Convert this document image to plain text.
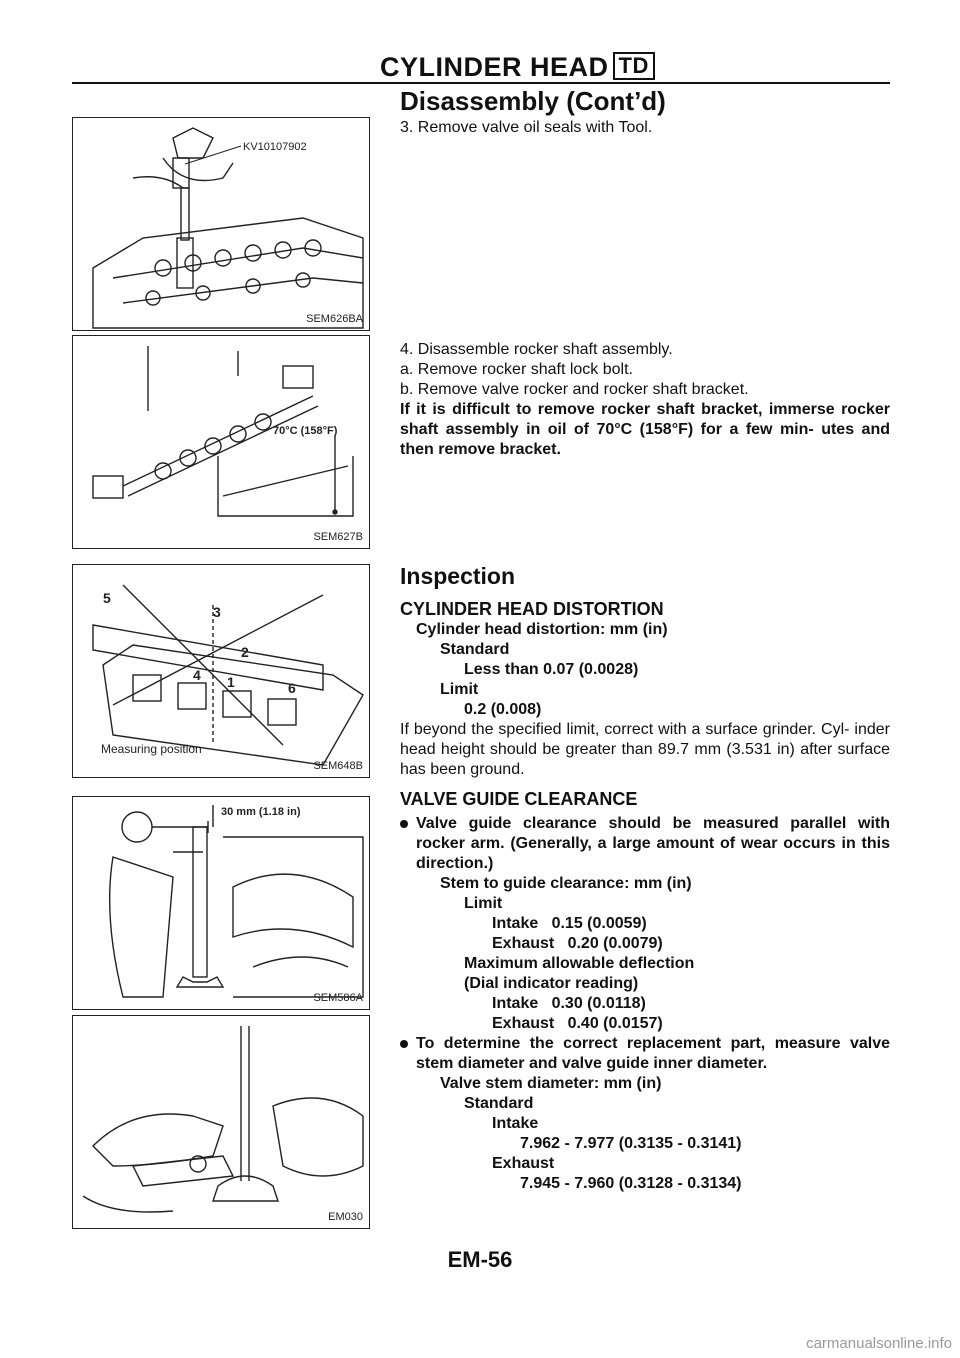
CYLINDER HEAD TD
Disassembly (Cont’d)
KV10107902
SEM626BA
70°C (158°F)
SEM627B
5
3
2
4 1	6
Measuring position
SEM648B
30 mm (1.18 in)
SEM586A
EM030

3. Remove valve oil seals with Tool.

4. Disassemble rocker shaft assembly.

a. Remove rocker shaft lock bolt.

b. Remove valve rocker and rocker shaft bracket.

If it is difficult to remove rocker shaft bracket, immerse rocker shaft assembly in oil of 70°C (158°F) for a few min- utes and then remove bracket.

Inspection

CYLINDER HEAD DISTORTION

Cylinder head distortion: mm (in)

Standard

Less than 0.07 (0.0028)

Limit

0.2 (0.008)

If beyond the specified limit, correct with a surface grinder. Cyl- inder head height should be greater than 89.7 mm (3.531 in) after surface has been ground.

VALVE GUIDE CLEARANCE

Valve guide clearance should be measured parallel with rocker arm. (Generally, a large amount of wear occurs in this direction.)

Stem to guide clearance: mm (in)

Limit

Intake   0.15 (0.0059)

Exhaust   0.20 (0.0079)

Maximum allowable deflection

(Dial indicator reading)

Intake   0.30 (0.0118)

Exhaust   0.40 (0.0157)

To determine the correct replacement part, measure valve stem diameter and valve guide inner diameter.

Valve stem diameter: mm (in)

Standard

Intake

7.962 - 7.977 (0.3135 - 0.3141)

Exhaust

7.945 - 7.960 (0.3128 - 0.3134)

EM-56
carmanualsonline.info
